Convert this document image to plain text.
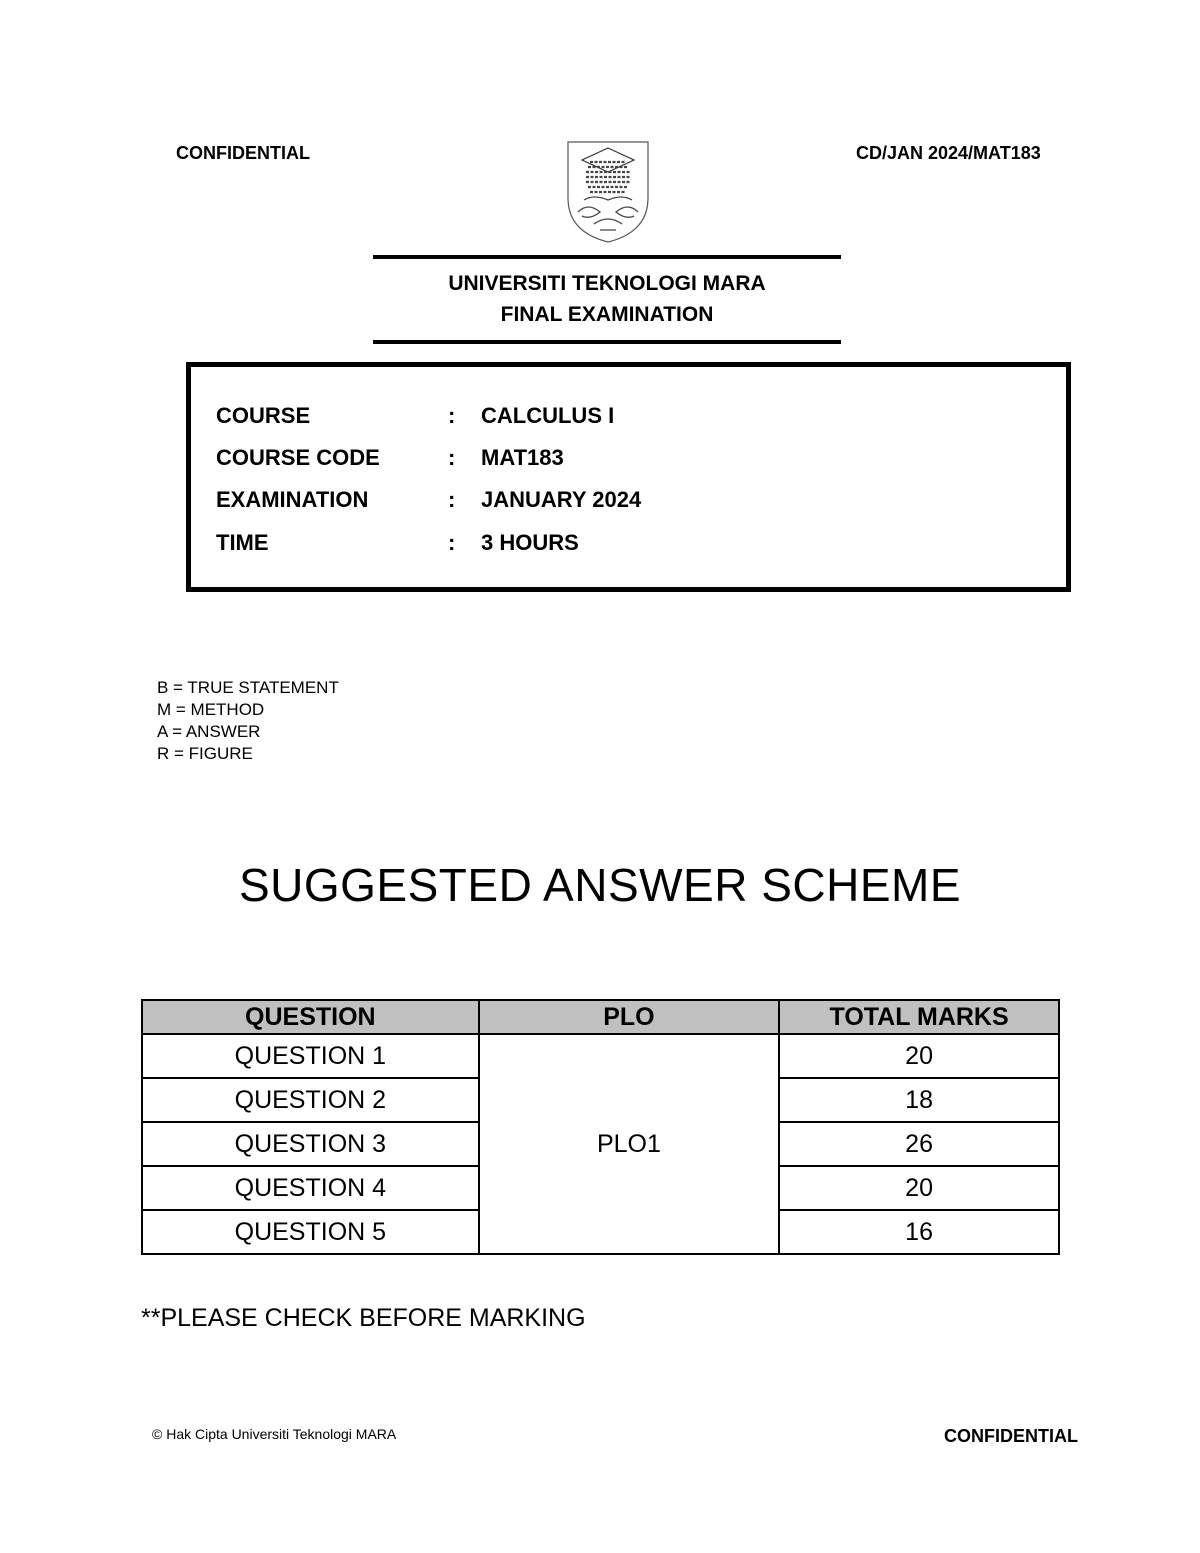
CONFIDENTIAL	CD/JAN 2024/MAT183
UNIVERSITI TEKNOLOGI MARA
FINAL EXAMINATION
COURSE	: CALCULUS I
COURSE CODE	: MAT183
EXAMINATION	: JANUARY 2024
TIME	: 3 HOURS
B = TRUE STATEMENT
M = METHOD
A = ANSWER
R = FIGURE
SUGGESTED ANSWER SCHEME
QUESTION	PLO	TOTAL MARKS
QUESTION 1	PLO1	20
QUESTION 2		18
QUESTION 3		26
QUESTION 4		20
QUESTION 5		16
**PLEASE CHECK BEFORE MARKING
© Hak Cipta Universiti Teknologi MARA	CONFIDENTIAL
